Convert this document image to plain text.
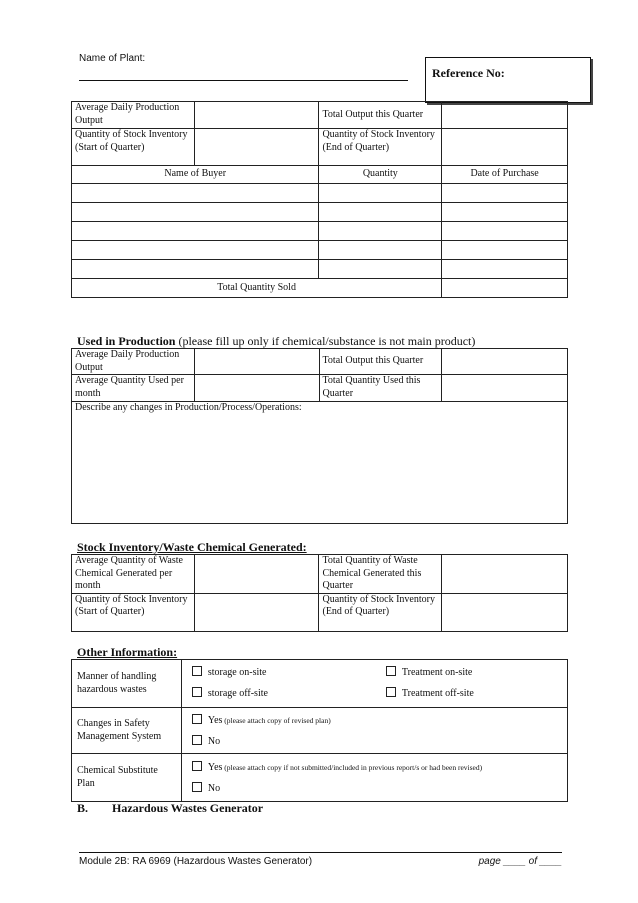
Name of Plant:
Reference No:
Average Daily Production Output		Total Output this Quarter	
Quantity of Stock Inventory (Start of Quarter)		Quantity of Stock Inventory (End of Quarter)	
Name of Buyer		Quantity	Date of Purchase

Total Quantity Sold			
Used in Production (please fill up only if chemical/substance is not main product)
Average Daily Production Output		Total Output this Quarter	
Average Quantity Used per month		Total Quantity Used this Quarter	
Describe any changes in Production/Process/Operations:			
Stock Inventory/Waste Chemical Generated:
Average Quantity of Waste Chemical Generated per month		Total Quantity of Waste Chemical Generated this Quarter	
Quantity of Stock Inventory (Start of Quarter)		Quantity of Stock Inventory (End of Quarter)	
Other Information:
Manner of handling hazardous wastes	storage on-site
storage off-site
Treatment on-site
Treatment off-site

Changes in Safety Management System	Yes (please attach copy of revised plan)
No

Chemical Substitute Plan	Yes (please attach copy if not submitted/included in previous report/s or had been revised)
No
B. Hazardous Wastes Generator
Module 2B: RA 6969 (Hazardous Wastes Generator)	page ____ of ____
